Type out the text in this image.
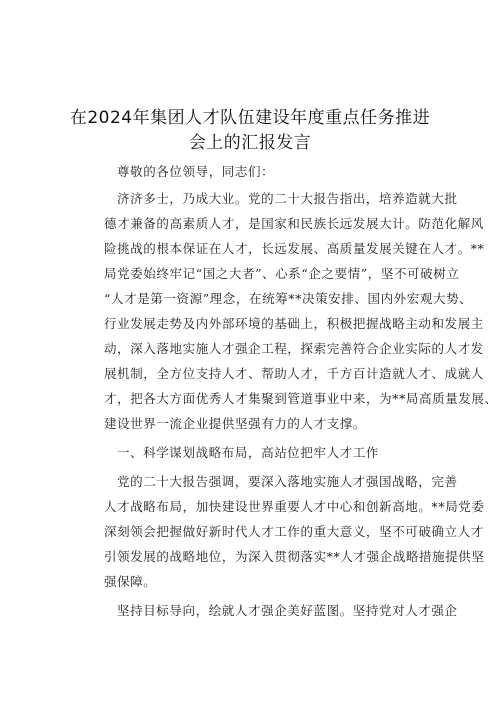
在2024年集团人才队伍建设年度重点任务推进
会上的汇报发言
尊敬的各位领导，同志们：
济济多士，乃成大业。党的二十大报告指出，培养造就大批
德才兼备的高素质人才，是国家和民族长远发展大计。防范化解风
险挑战的根本保证在人才，长远发展、高质量发展关键在人才。**
局党委始终牢记“国之大者”、心系“企之要情”，坚不可破树立
“人才是第一资源”理念，在统筹**决策安排、国内外宏观大势、
行业发展走势及内外部环境的基础上，积极把握战略主动和发展主
动，深入落地实施人才强企工程，探索完善符合企业实际的人才发
展机制，全方位支持人才、帮助人才，千方百计造就人才、成就人
才，把各大方面优秀人才集聚到管道事业中来，为**局高质量发展、
建设世界一流企业提供坚强有力的人才支撑。
一、科学谋划战略布局，高站位把牢人才工作
党的二十大报告强调，要深入落地实施人才强国战略，完善
人才战略布局，加快建设世界重要人才中心和创新高地。**局党委
深刻领会把握做好新时代人才工作的重大意义，坚不可破确立人才
引领发展的战略地位，为深入贯彻落实**人才强企战略措施提供坚
强保障。
坚持目标导向，绘就人才强企美好蓝图。坚持党对人才强企
